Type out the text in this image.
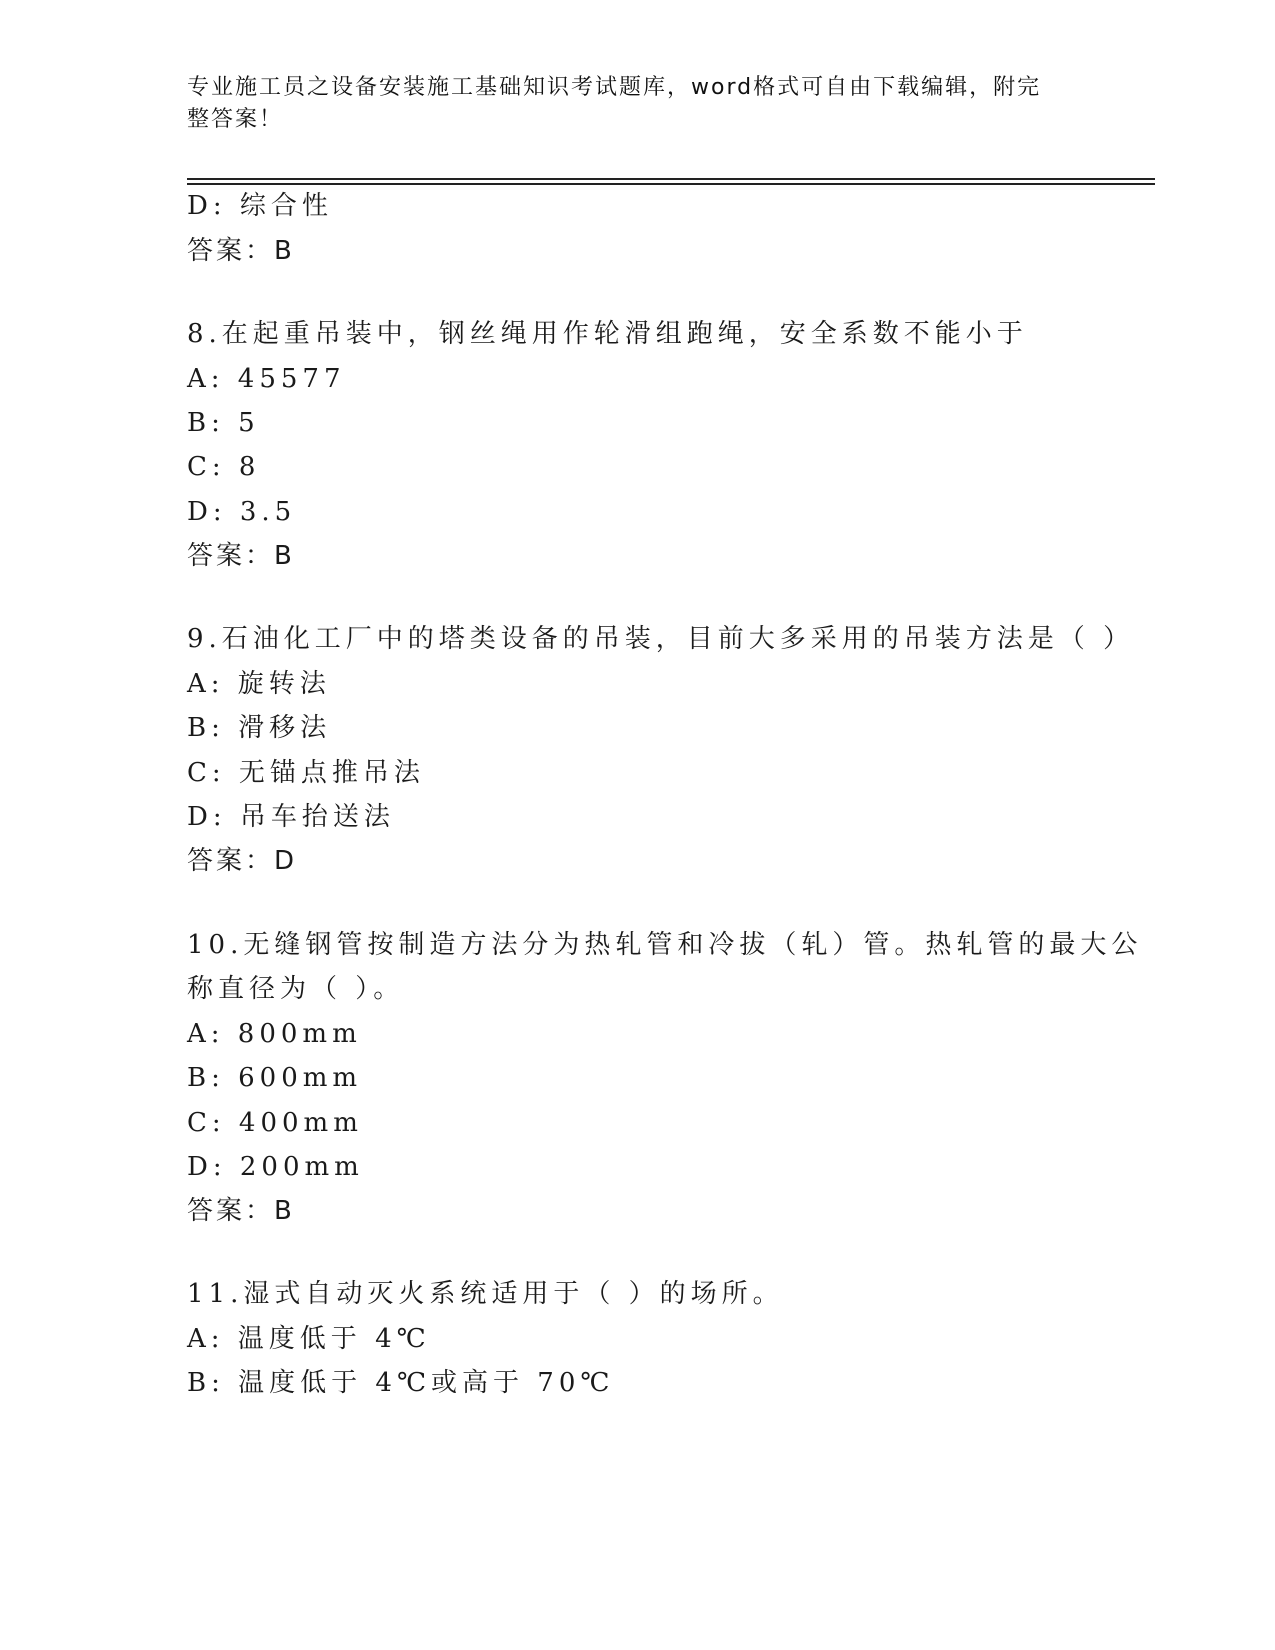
专业施工员之设备安装施工基础知识考试题库，word格式可自由下载编辑，附完
整答案！
D: 综合性
答案：B
8.在起重吊装中，钢丝绳用作轮滑组跑绳，安全系数不能小于
A: 45577
B: 5
C: 8
D: 3.5
答案：B
9.石油化工厂中的塔类设备的吊装，目前大多采用的吊装方法是（ ）
A: 旋转法
B: 滑移法
C: 无锚点推吊法
D: 吊车抬送法
答案：D
10.无缝钢管按制造方法分为热轧管和冷拔（轧）管。热轧管的最大公
称直径为（ ）。
A: 800mm
B: 600mm
C: 400mm
D: 200mm
答案：B
11.湿式自动灭火系统适用于（ ）的场所。
A: 温度低于 4℃
B: 温度低于 4℃或高于 70℃
